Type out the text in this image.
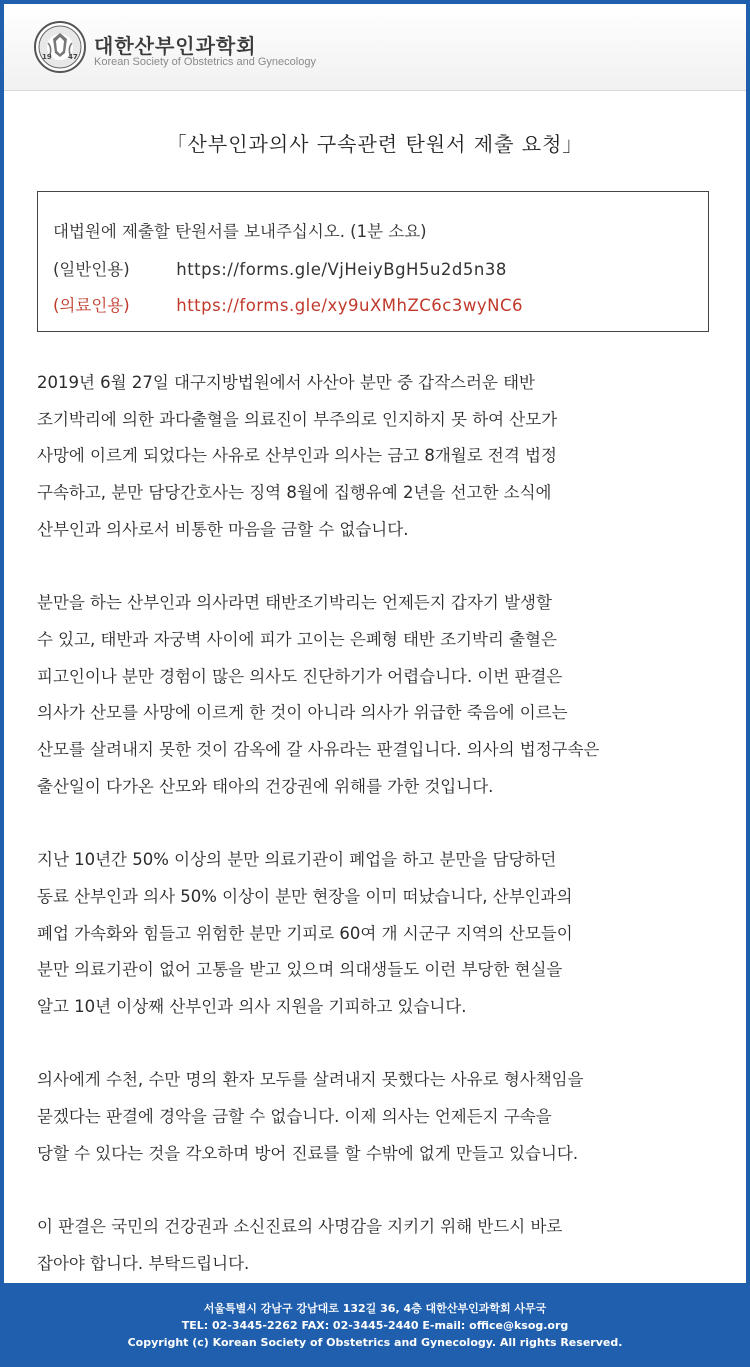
19 47 대한산부인과학회
Korean Society of Obstetrics and Gynecology
「산부인과의사 구속관련 탄원서 제출 요청」
대법원에 제출할 탄원서를 보내주십시오. (1분 소요)
(일반인용)	https://forms.gle/VjHeiyBgH5u2d5n38
(의료인용)	https://forms.gle/xy9uXMhZC6c3wyNC6

2019년 6월 27일 대구지방법원에서 사산아 분만 중 갑작스러운 태반
조기박리에 의한 과다출혈을 의료진이 부주의로 인지하지 못 하여 산모가
사망에 이르게 되었다는 사유로 산부인과 의사는 금고 8개월로 전격 법정
구속하고, 분만 담당간호사는 징역 8월에 집행유예 2년을 선고한 소식에
산부인과 의사로서 비통한 마음을 금할 수 없습니다.

분만을 하는 산부인과 의사라면 태반조기박리는 언제든지 갑자기 발생할
수 있고, 태반과 자궁벽 사이에 피가 고이는 은폐형 태반 조기박리 출혈은
피고인이나 분만 경험이 많은 의사도 진단하기가 어렵습니다. 이번 판결은
의사가 산모를 사망에 이르게 한 것이 아니라 의사가 위급한 죽음에 이르는
산모를 살려내지 못한 것이 감옥에 갈 사유라는 판결입니다. 의사의 법정구속은
출산일이 다가온 산모와 태아의 건강권에 위해를 가한 것입니다.

지난 10년간 50% 이상의 분만 의료기관이 폐업을 하고 분만을 담당하던
동료 산부인과 의사 50% 이상이 분만 현장을 이미 떠났습니다, 산부인과의
폐업 가속화와 힘들고 위험한 분만 기피로 60여 개 시군구 지역의 산모들이
분만 의료기관이 없어 고통을 받고 있으며 의대생들도 이런 부당한 현실을
알고 10년 이상째 산부인과 의사 지원을 기피하고 있습니다.

의사에게 수천, 수만 명의 환자 모두를 살려내지 못했다는 사유로 형사책임을
묻겠다는 판결에 경악을 금할 수 없습니다. 이제 의사는 언제든지 구속을
당할 수 있다는 것을 각오하며 방어 진료를 할 수밖에 없게 만들고 있습니다.

이 판결은 국민의 건강권과 소신진료의 사명감을 지키기 위해 반드시 바로
잡아야 합니다. 부탁드립니다.

서울특별시 강남구 강남대로 132길 36, 4층 대한산부인과학회 사무국
TEL: 02-3445-2262 FAX: 02-3445-2440 E-mail: office@ksog.org
Copyright (c) Korean Society of Obstetrics and Gynecology. All rights Reserved.
